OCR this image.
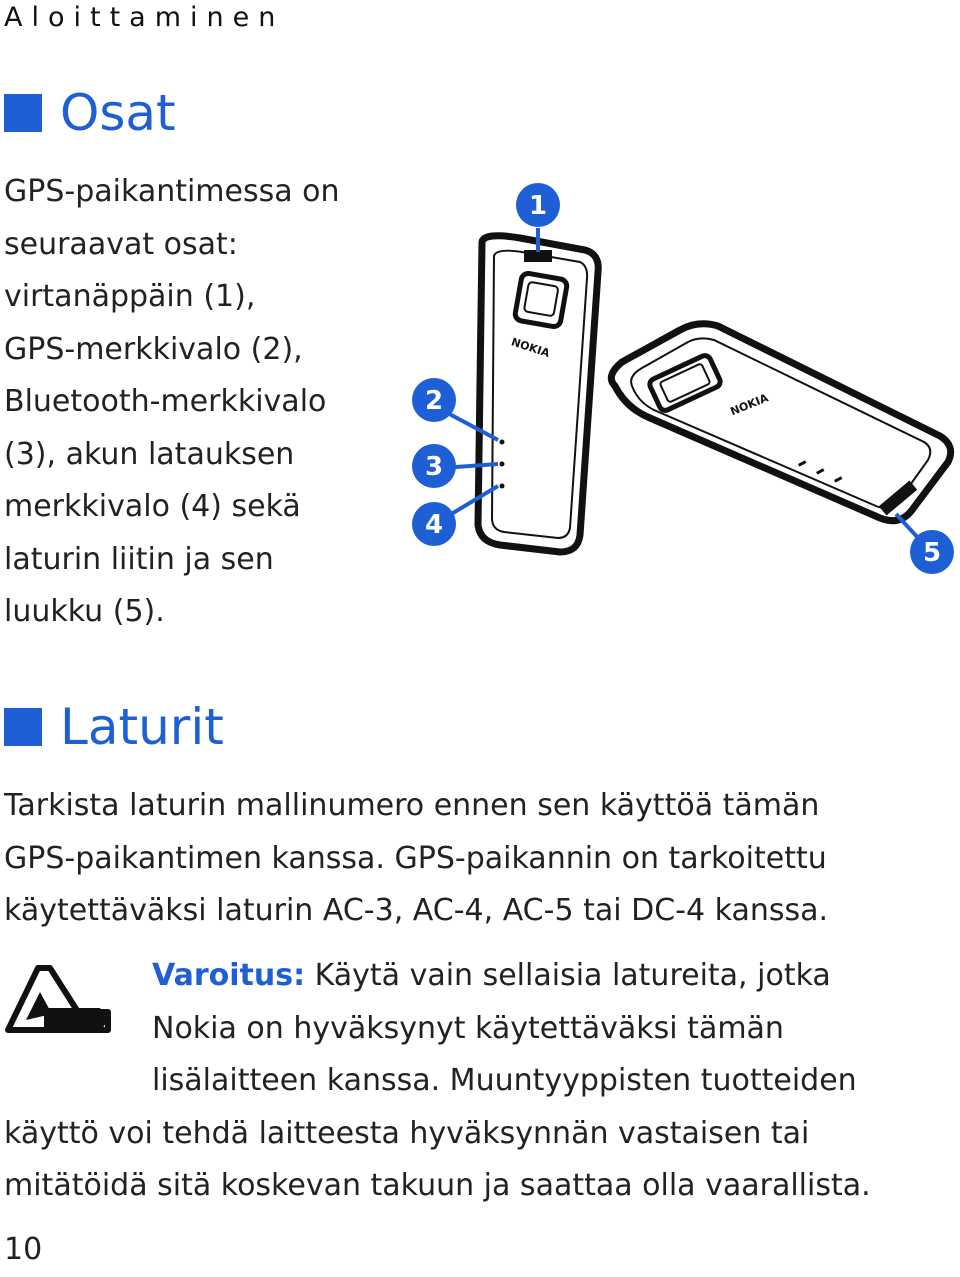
Aloittaminen
Osat
GPS-paikantimessa on
seuraavat osat:
virtanäppäin (1),
GPS-merkkivalo (2),
Bluetooth-merkkivalo
(3), akun latauksen
merkkivalo (4) sekä
laturin liitin ja sen
luukku (5).
NOKIA
NOKIA
1
2
3
4
5
Laturit
Tarkista laturin mallinumero ennen sen käyttöä tämän
GPS-paikantimen kanssa. GPS-paikannin on tarkoitettu
käytettäväksi laturin AC-3, AC-4, AC-5 tai DC-4 kanssa.
Varoitus: Käytä vain sellaisia latureita, jotka
Nokia on hyväksynyt käytettäväksi tämän
lisälaitteen kanssa. Muuntyyppisten tuotteiden
käyttö voi tehdä laitteesta hyväksynnän vastaisen tai
mitätöidä sitä koskevan takuun ja saattaa olla vaarallista.
10
